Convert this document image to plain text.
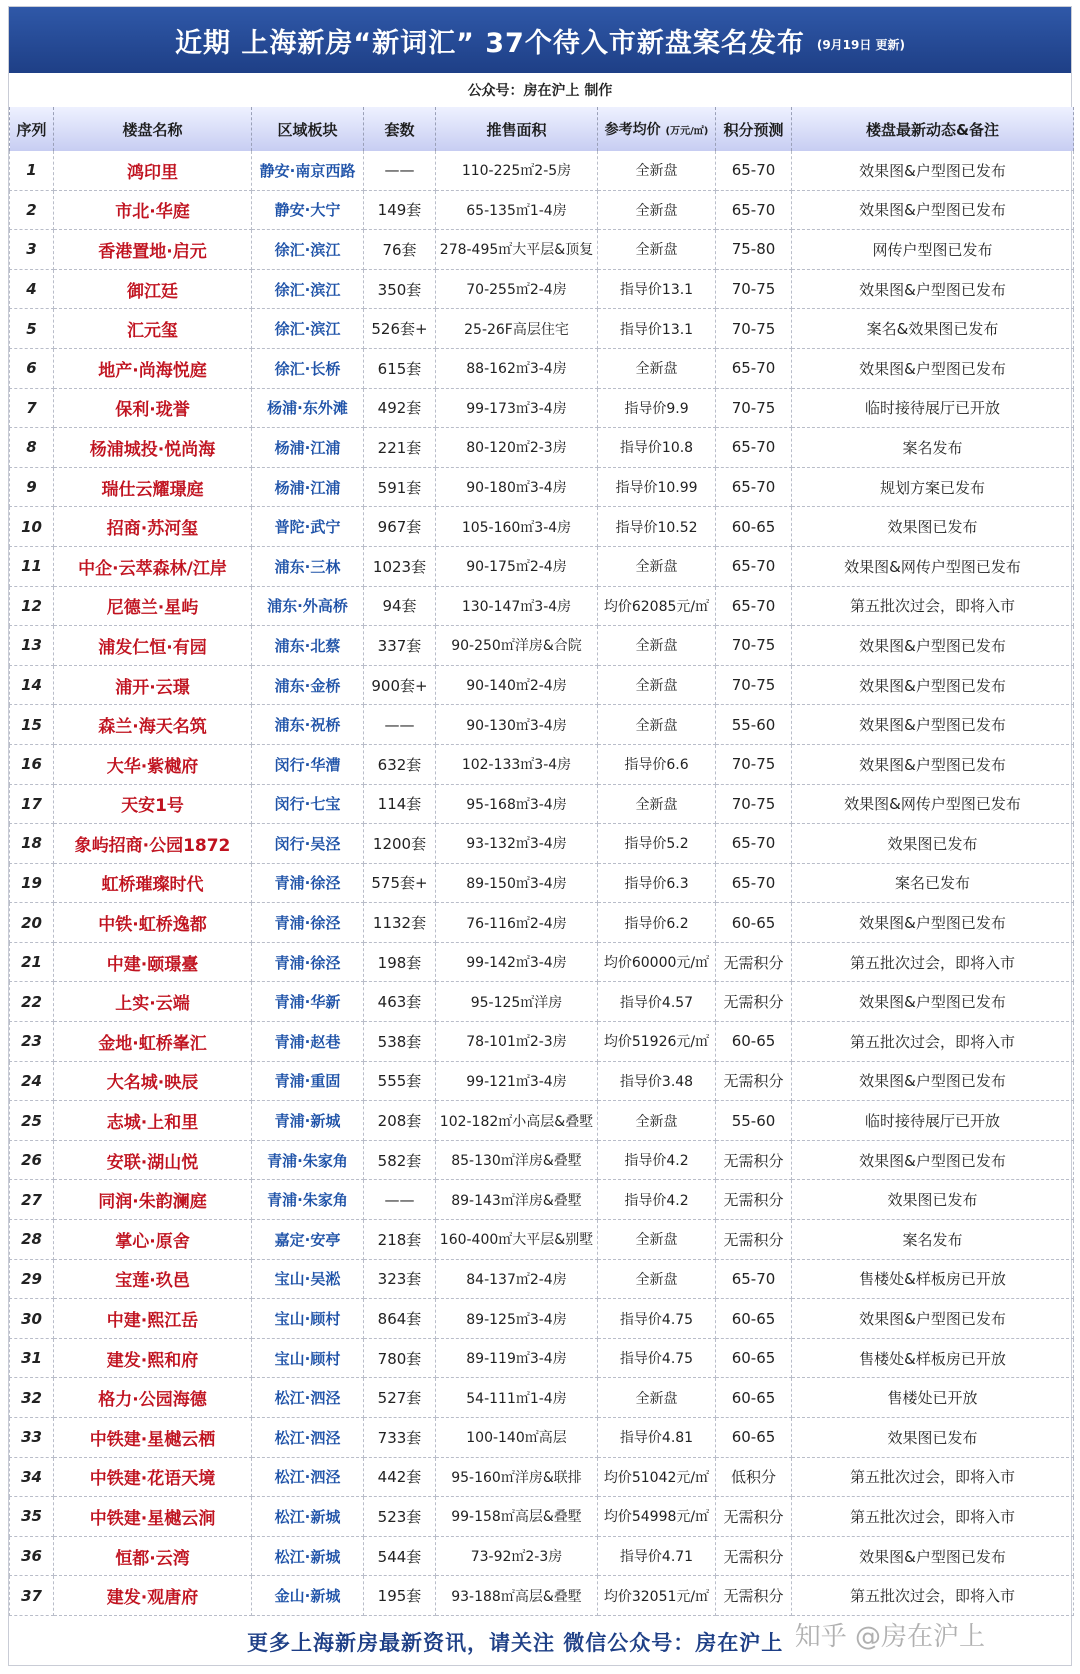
近期 上海新房“新词汇” 37个待入市新盘案名发布 (9月19日 更新)
公众号：房在沪上 制作
序列	楼盘名称	区域板块	套数	推售面积	参考均价 (万元/㎡)	积分预测	楼盘最新动态&备注
1	鸿印里	静安·南京西路	——	110-225㎡2-5房	全新盘	65-70	效果图&户型图已发布
2	市北·华庭	静安·大宁	149套	65-135㎡1-4房	全新盘	65-70	效果图&户型图已发布
3	香港置地·启元	徐汇·滨江	76套	278-495㎡大平层&顶复	全新盘	75-80	网传户型图已发布
4	御江廷	徐汇·滨江	350套	70-255㎡2-4房	指导价13.1	70-75	效果图&户型图已发布
5	汇元玺	徐汇·滨江	526套+	25-26F高层住宅	指导价13.1	70-75	案名&效果图已发布
6	地产·尚海悦庭	徐汇·长桥	615套	88-162㎡3-4房	全新盘	65-70	效果图&户型图已发布
7	保利·珑誉	杨浦·东外滩	492套	99-173㎡3-4房	指导价9.9	70-75	临时接待展厅已开放
8	杨浦城投·悦尚海	杨浦·江浦	221套	80-120㎡2-3房	指导价10.8	65-70	案名发布
9	瑞仕云耀璟庭	杨浦·江浦	591套	90-180㎡3-4房	指导价10.99	65-70	规划方案已发布
10	招商·苏河玺	普陀·武宁	967套	105-160㎡3-4房	指导价10.52	60-65	效果图已发布
11	中企·云萃森林/江岸	浦东·三林	1023套	90-175㎡2-4房	全新盘	65-70	效果图&网传户型图已发布
12	尼德兰·星屿	浦东·外高桥	94套	130-147㎡3-4房	均价62085元/㎡	65-70	第五批次过会，即将入市
13	浦发仁恒·有园	浦东·北蔡	337套	90-250㎡洋房&合院	全新盘	70-75	效果图&户型图已发布
14	浦开·云璟	浦东·金桥	900套+	90-140㎡2-4房	全新盘	70-75	效果图&户型图已发布
15	森兰·海天名筑	浦东·祝桥	——	90-130㎡3-4房	全新盘	55-60	效果图&户型图已发布
16	大华·紫樾府	闵行·华漕	632套	102-133㎡3-4房	指导价6.6	70-75	效果图&户型图已发布
17	天安1号	闵行·七宝	114套	95-168㎡3-4房	全新盘	70-75	效果图&网传户型图已发布
18	象屿招商·公园1872	闵行·吴泾	1200套	93-132㎡3-4房	指导价5.2	65-70	效果图已发布
19	虹桥璀璨时代	青浦·徐泾	575套+	89-150㎡3-4房	指导价6.3	65-70	案名已发布
20	中铁·虹桥逸都	青浦·徐泾	1132套	76-116㎡2-4房	指导价6.2	60-65	效果图&户型图已发布
21	中建·颐璟臺	青浦·徐泾	198套	99-142㎡3-4房	均价60000元/㎡	无需积分	第五批次过会，即将入市
22	上实·云端	青浦·华新	463套	95-125㎡洋房	指导价4.57	无需积分	效果图&户型图已发布
23	金地·虹桥峯汇	青浦·赵巷	538套	78-101㎡2-3房	均价51926元/㎡	60-65	第五批次过会，即将入市
24	大名城·映辰	青浦·重固	555套	99-121㎡3-4房	指导价3.48	无需积分	效果图&户型图已发布
25	志城·上和里	青浦·新城	208套	102-182㎡小高层&叠墅	全新盘	55-60	临时接待展厅已开放
26	安联·湖山悦	青浦·朱家角	582套	85-130㎡洋房&叠墅	指导价4.2	无需积分	效果图&户型图已发布
27	同润·朱韵澜庭	青浦·朱家角	——	89-143㎡洋房&叠墅	指导价4.2	无需积分	效果图已发布
28	掌心·原舍	嘉定·安亭	218套	160-400㎡大平层&别墅	全新盘	无需积分	案名发布
29	宝莲·玖邑	宝山·吴淞	323套	84-137㎡2-4房	全新盘	65-70	售楼处&样板房已开放
30	中建·熙江岳	宝山·顾村	864套	89-125㎡3-4房	指导价4.75	60-65	效果图&户型图已发布
31	建发·熙和府	宝山·顾村	780套	89-119㎡3-4房	指导价4.75	60-65	售楼处&样板房已开放
32	格力·公园海德	松江·泗泾	527套	54-111㎡1-4房	全新盘	60-65	售楼处已开放
33	中铁建·星樾云栖	松江·泗泾	733套	100-140㎡高层	指导价4.81	60-65	效果图已发布
34	中铁建·花语天境	松江·泗泾	442套	95-160㎡洋房&联排	均价51042元/㎡	低积分	第五批次过会，即将入市
35	中铁建·星樾云涧	松江·新城	523套	99-158㎡高层&叠墅	均价54998元/㎡	无需积分	第五批次过会，即将入市
36	恒都·云湾	松江·新城	544套	73-92㎡2-3房	指导价4.71	无需积分	效果图&户型图已发布
37	建发·观唐府	金山·新城	195套	93-188㎡高层&叠墅	均价32051元/㎡	无需积分	第五批次过会，即将入市
更多上海新房最新资讯，请关注 微信公众号：房在沪上 知乎 @房在沪上
